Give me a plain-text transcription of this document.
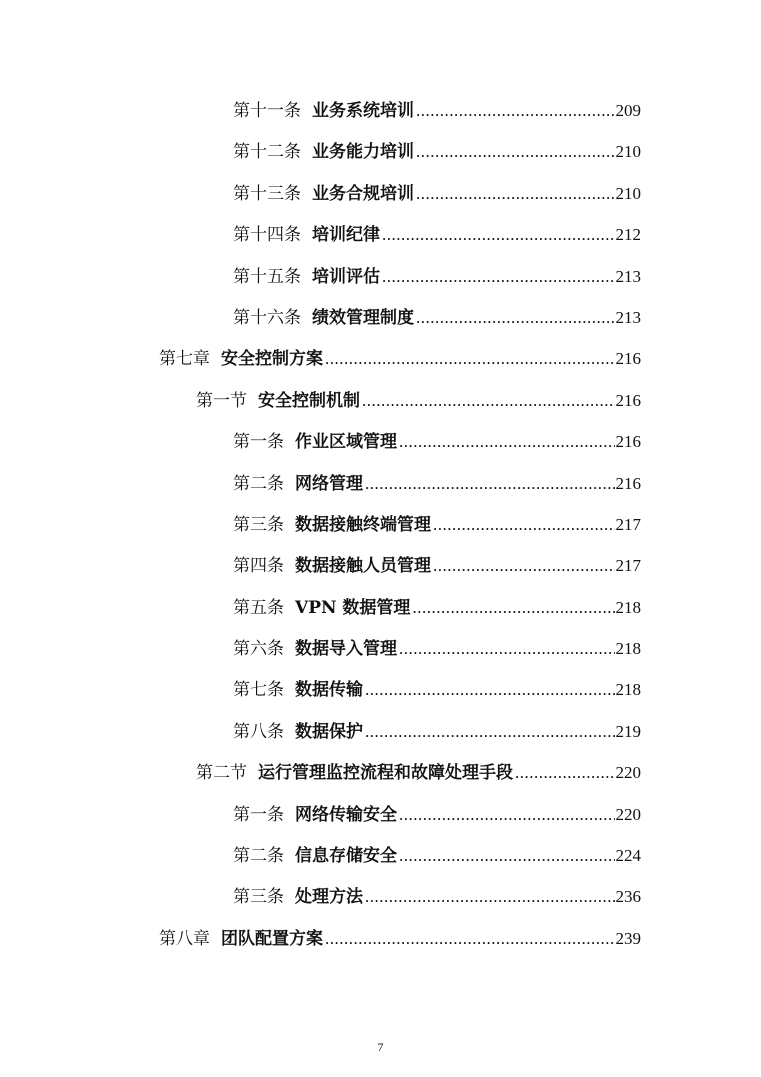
第十一条 业务系统培训 .....	209
第十二条 业务能力培训 .....	210
第十三条 业务合规培训 .....	210
第十四条 培训纪律 .....	212
第十五条 培训评估 .....	213
第十六条 绩效管理制度 .....	213
第七章 安全控制方案 .....	216
第一节 安全控制机制 .....	216
第一条 作业区域管理 .....	216
第二条 网络管理 .....	216
第三条 数据接触终端管理 .....	217
第四条 数据接触人员管理 .....	217
第五条 VPN 数据管理 .....	218
第六条 数据导入管理 .....	218
第七条 数据传输 .....	218
第八条 数据保护 .....	219
第二节 运行管理监控流程和故障处理手段 .....	220
第一条 网络传输安全 .....	220
第二条 信息存储安全 .....	224
第三条 处理方法 .....	236
第八章 团队配置方案 .....	239
7
